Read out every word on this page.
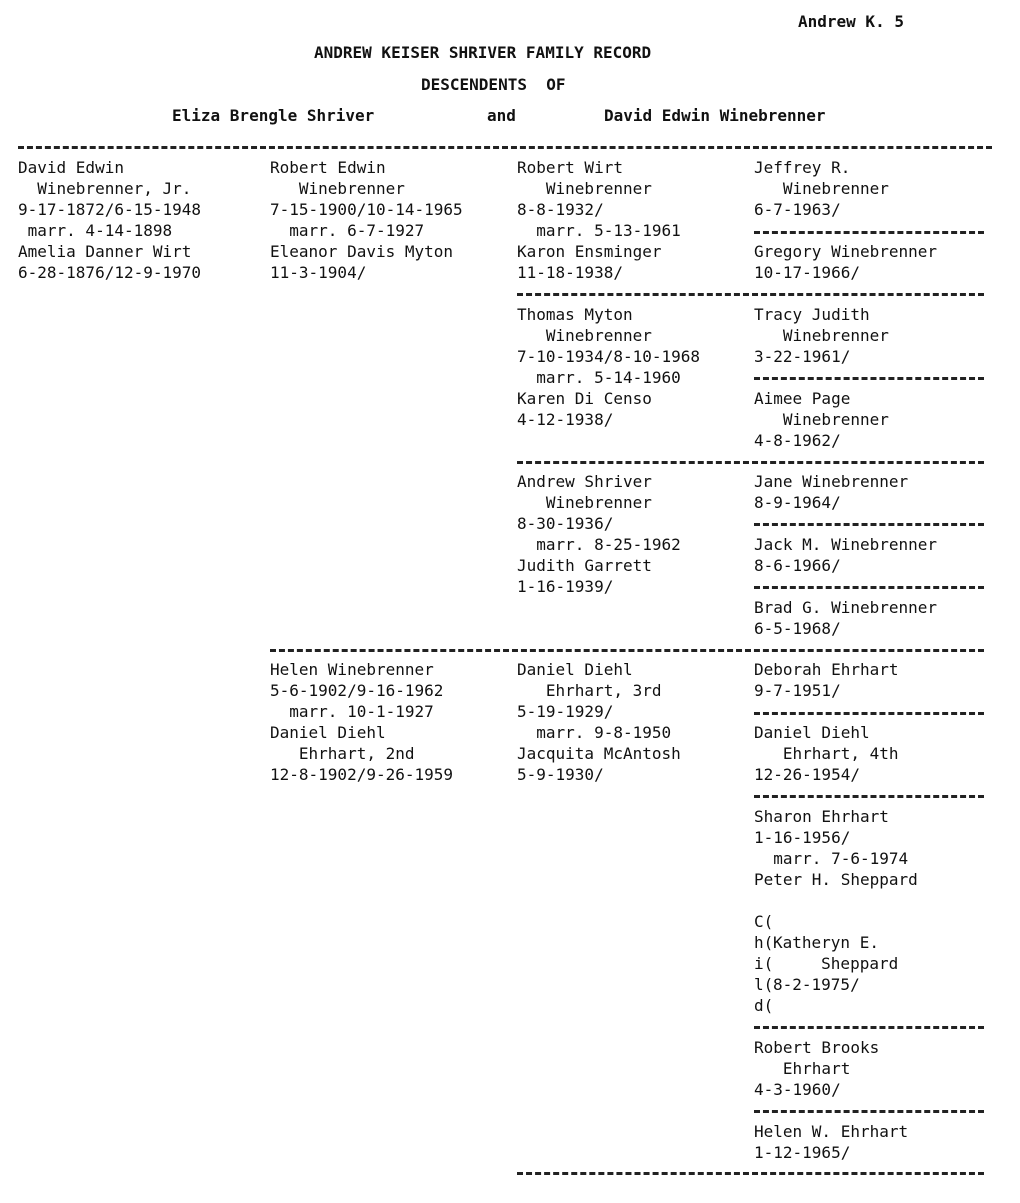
Andrew K. 5
ANDREW KEISER SHRIVER FAMILY RECORD
DESCENDENTS  OF
Eliza Brengle Shriver	and	David Edwin Winebrenner
David Edwin
Winebrenner, Jr.
9-17-1872/6-15-1948
marr. 4-14-1898
Amelia Danner Wirt
6-28-1876/12-9-1970
Robert Edwin
Winebrenner
7-15-1900/10-14-1965
marr. 6-7-1927
Eleanor Davis Myton
11-3-1904/
Robert Wirt
Winebrenner
8-8-1932/
marr. 5-13-1961
Karon Ensminger
11-18-1938/
Jeffrey R.
Winebrenner
6-7-1963/
Gregory Winebrenner
10-17-1966/
Thomas Myton
Winebrenner
7-10-1934/8-10-1968
marr. 5-14-1960
Karen Di Censo
4-12-1938/
Tracy Judith
Winebrenner
3-22-1961/
Aimee Page
Winebrenner
4-8-1962/
Andrew Shriver
Winebrenner
8-30-1936/
marr. 8-25-1962
Judith Garrett
1-16-1939/
Jane Winebrenner
8-9-1964/
Jack M. Winebrenner
8-6-1966/
Brad G. Winebrenner
6-5-1968/
Helen Winebrenner
5-6-1902/9-16-1962
marr. 10-1-1927
Daniel Diehl
Ehrhart, 2nd
12-8-1902/9-26-1959
Daniel Diehl
Ehrhart, 3rd
5-19-1929/
marr. 9-8-1950
Jacquita McAntosh
5-9-1930/
Deborah Ehrhart
9-7-1951/
Daniel Diehl
Ehrhart, 4th
12-26-1954/
Sharon Ehrhart
1-16-1956/
marr. 7-6-1974
Peter H. Sheppard
C(
h(
i(
l(
d(
Katheryn E.
Sheppard
8-2-1975/
Robert Brooks
Ehrhart
4-3-1960/
Helen W. Ehrhart
1-12-1965/
